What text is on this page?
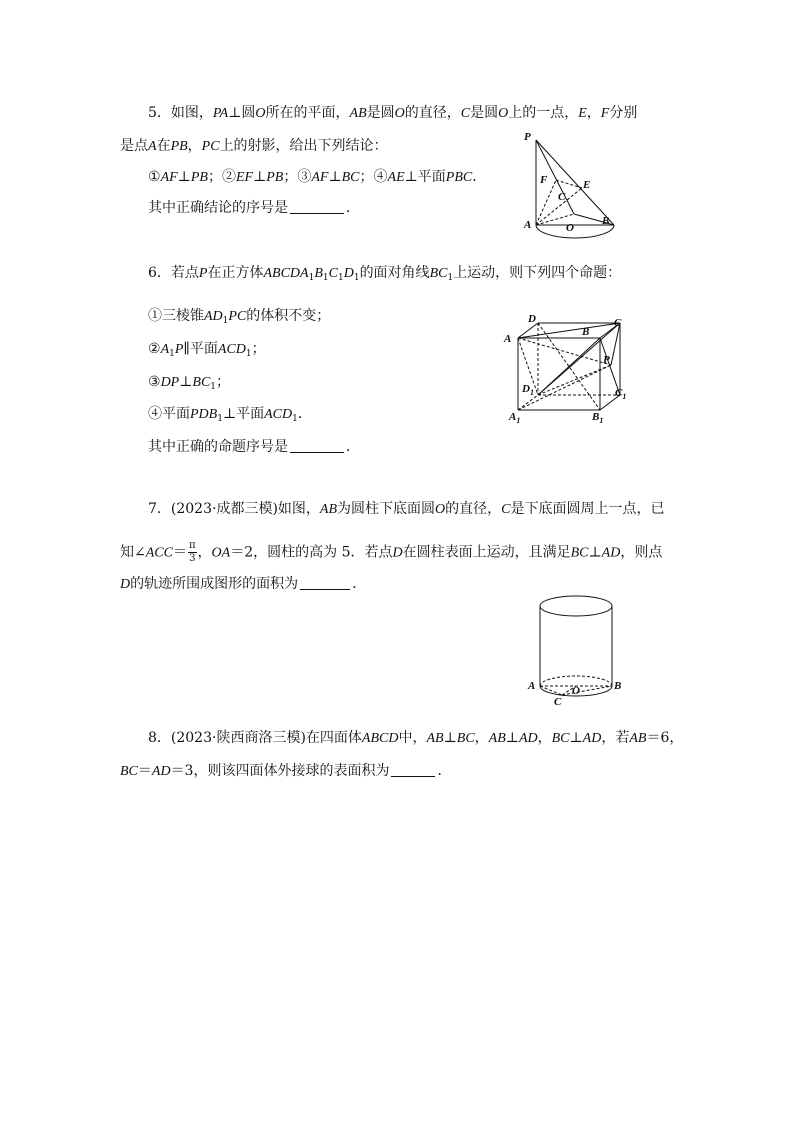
5．如图，PA⊥圆O所在的平面，AB是圆O的直径，C是圆O上的一点，E，F分别
是点A在PB，PC上的射影，给出下列结论：
①AF⊥PB；②EF⊥PB；③AF⊥BC；④AE⊥平面PBC．
其中正确结论的序号是	．
P
F	E
C
A	O
B
6．若点P在正方体$ABCDA_1B_1C_1D_1$的面对角线$BC_1$上运动，则下列四个命题：
①三棱锥$AD_1PC$的体积不变；
$②A_1P\parallel$平面$ACD_1$；
$③DP\perp BC_1$；
④平面$PDB_1\perp$平面$ACD_1$．
其中正确的命题序号是	．
D
B
C
A
P
$D_1$	$C_1$
$A_1$	$B_1$
7．(2023·成都三模)如图，AB为圆柱下底面圆O的直径，C是下底面圆周上一点，已
知∠ACC＝ $\frac{\pi}{3}$ ，OA＝2，圆柱的高为 5．若点D在圆柱表面上运动，且满足BC⊥AD，则点
D的轨迹所围成图形的面积为	．
A	B
C
O
8．(2023·陕西商洛三模)在四面体ABCD中，AB⊥BC，AB⊥AD，BC⊥AD，若AB＝6，
BC＝AD＝3，则该四面体外接球的表面积为	．
